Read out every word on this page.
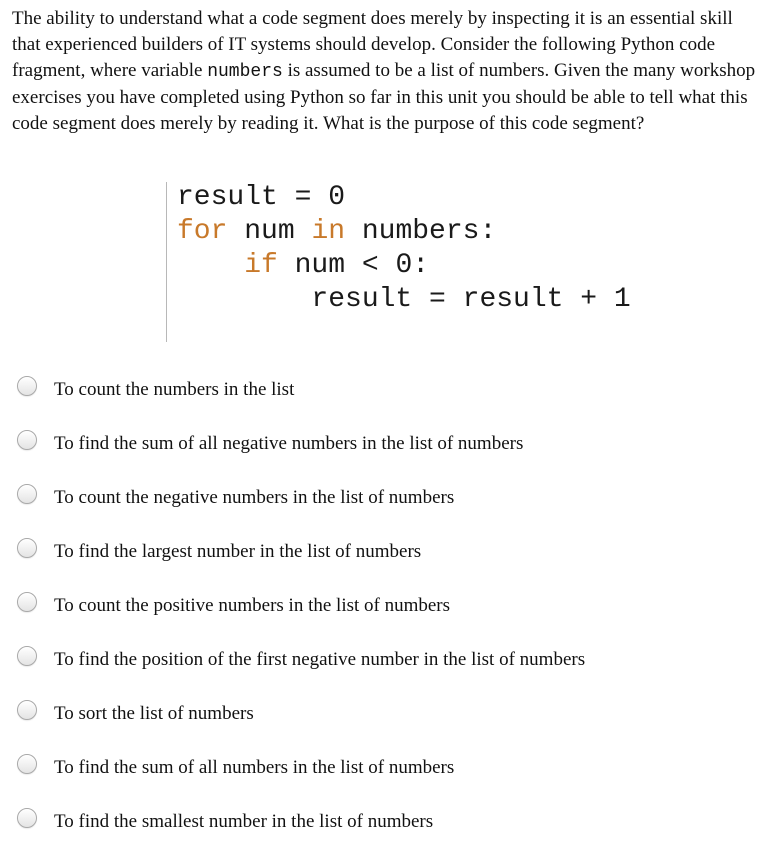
The ability to understand what a code segment does merely by inspecting it is an essential skill that experienced builders of IT systems should develop. Consider the following Python code fragment, where variable numbers is assumed to be a list of numbers. Given the many workshop exercises you have completed using Python so far in this unit you should be able to tell what this code segment does merely by reading it. What is the purpose of this code segment?

result = 0
for num in numbers:
if num < 0:
result = result + 1
To count the numbers in the list
To find the sum of all negative numbers in the list of numbers
To count the negative numbers in the list of numbers
To find the largest number in the list of numbers
To count the positive numbers in the list of numbers
To find the position of the first negative number in the list of numbers
To sort the list of numbers
To find the sum of all numbers in the list of numbers
To find the smallest number in the list of numbers
